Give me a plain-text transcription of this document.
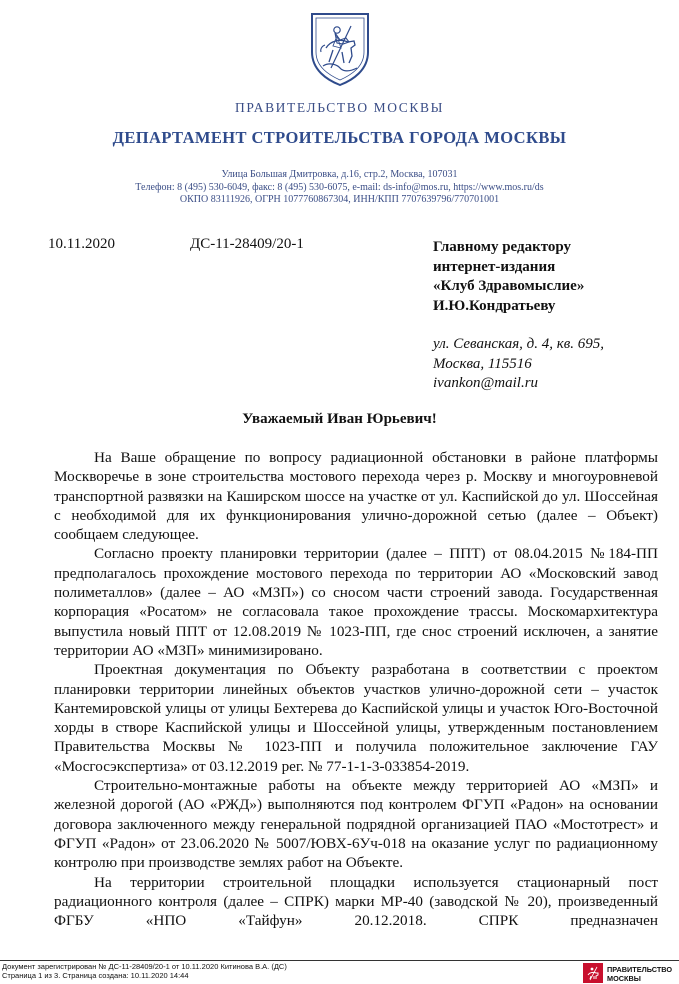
ПРАВИТЕЛЬСТВО МОСКВЫ
ДЕПАРТАМЕНТ СТРОИТЕЛЬСТВА ГОРОДА МОСКВЫ
Улица Большая Дмитровка, д.16, стр.2, Москва, 107031
Телефон: 8 (495) 530-6049, факс: 8 (495) 530-6075, e-mail: ds-info@mos.ru, https://www.mos.ru/ds
ОКПО 83111926, ОГРН 1077760867304, ИНН/КПП 7707639796/770701001
10.11.2020	ДС-11-28409/20-1	Главному редактору
интернет-издания
«Клуб Здравомыслие»
И.Ю.Кондратьеву
ул. Севанская, д. 4, кв. 695,
Москва, 115516
ivankon@mail.ru
Уважаемый Иван Юрьевич!

На Ваше обращение по вопросу радиационной обстановки в районе платформы Москворечье в зоне строительства мостового перехода через р. Москву и многоуровневой транспортной развязки на Каширском шоссе на участке от ул. Каспийской до ул. Шоссейная с необходимой для их функционирования улично-дорожной сетью (далее – Объект) сообщаем следующее.

Согласно проекту планировки территории (далее – ППТ) от 08.04.2015 №184-ПП предполагалось прохождение мостового перехода по территории АО «Московский завод полиметаллов» (далее – АО «МЗП») со сносом части строений завода. Государственная корпорация «Росатом» не согласовала такое прохождение трассы. Москомархитектура выпустила новый ППТ от 12.08.2019 № 1023-ПП, где снос строений исключен, а занятие территории АО «МЗП» минимизировано.

Проектная документация по Объекту разработана в соответствии с проектом планировки территории линейных объектов участков улично-дорожной сети – участок Кантемировской улицы от улицы Бехтерева до Каспийской улицы и участок Юго-Восточной хорды в створе Каспийской улицы и Шоссейной улицы, утвержденным постановлением Правительства Москвы № 1023-ПП и получила положительное заключение ГАУ «Мосгосэкспертиза» от 03.12.2019 рег. № 77-1-1-3-033854-2019.

Строительно-монтажные работы на объекте между территорией АО «МЗП» и железной дорогой (АО «РЖД») выполняются под контролем ФГУП «Радон» на основании договора заключенного между генеральной подрядной организацией ПАО «Мостотрест» и ФГУП «Радон» от 23.06.2020 № 5007/ЮВХ-6Уч-018 на оказание услуг по радиационному контролю при производстве землях работ на Объекте.

На территории строительной площадки используется стационарный пост радиационного контроля (далее – СПРК) марки МР-40 (заводской № 20), произведенный ФГБУ «НПО «Тайфун» 20.12.2018. СПРК предназначен

Документ зарегистрирован № ДС-11-28409/20-1 от 10.11.2020 Китинова В.А. (ДС)
Страница 1 из 3. Страница создана: 10.11.2020 14:44
ПРАВИТЕЛЬСТВО
МОСКВЫ
